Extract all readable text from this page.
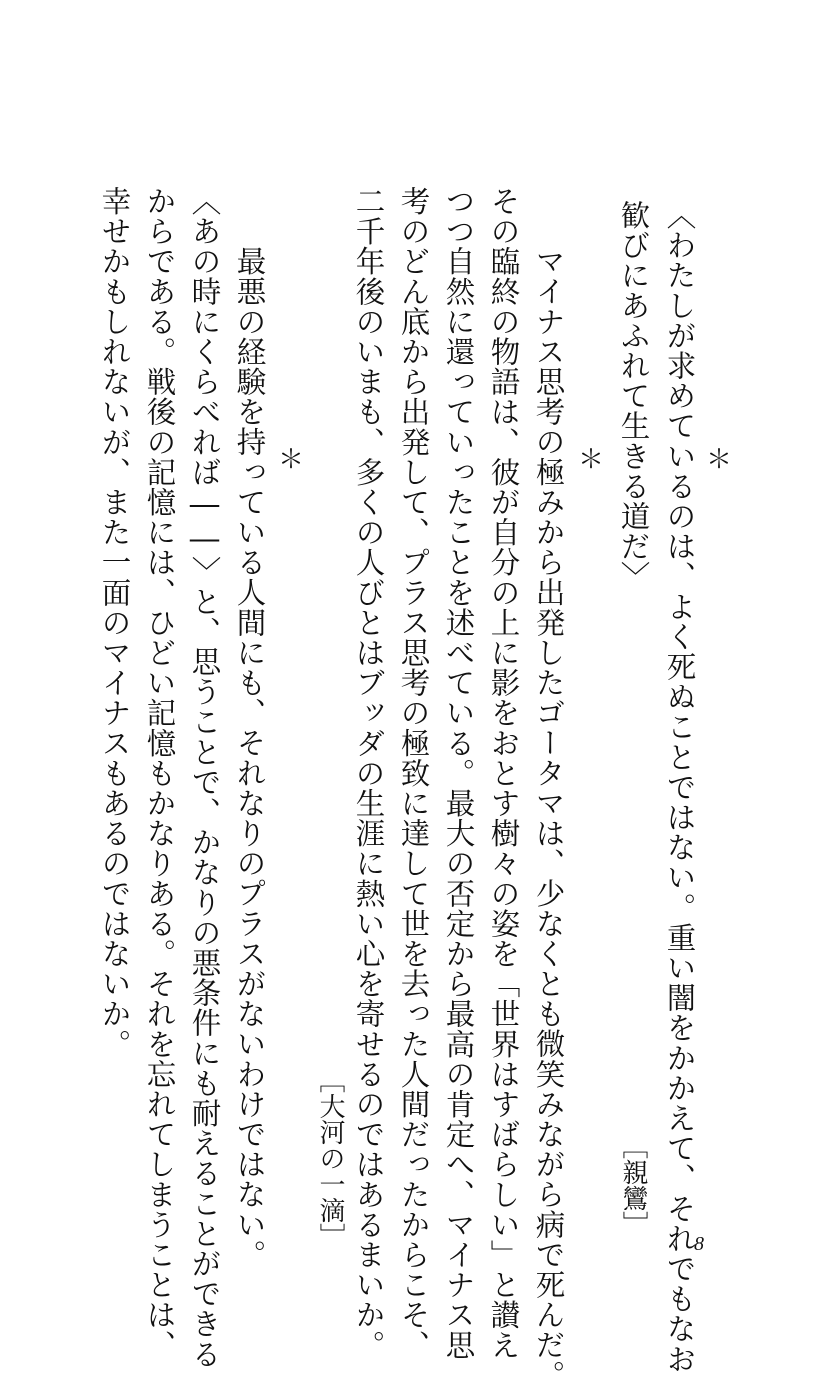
＊
〈わたしが求めているのは、よく死ぬことではない。重い闇をかかえて、それでもなお
歓びにあふれて生きる道だ〉
［親鸞］
＊
　マイナス思考の極みから出発したゴータマは、少なくとも微笑みながら病で死んだ。
その臨終の物語は、彼が自分の上に影をおとす樹々の姿を「世界はすばらしい」と讃え
つつ自然に還っていったことを述べている。最大の否定から最高の肯定へ、マイナス思
考のどん底から出発して、プラス思考の極致に達して世を去った人間だったからこそ、
二千年後のいまも、多くの人びとはブッダの生涯に熱い心を寄せるのではあるまいか。
［大河の一滴］
＊
　最悪の経験を持っている人間にも、それなりのプラスがないわけではない。
〈あの時にくらべれば――〉と、思うことで、かなりの悪条件にも耐えることができる
からである。戦後の記憶には、ひどい記憶もかなりある。それを忘れてしまうことは、
幸せかもしれないが、また一面のマイナスもあるのではないか。
8
